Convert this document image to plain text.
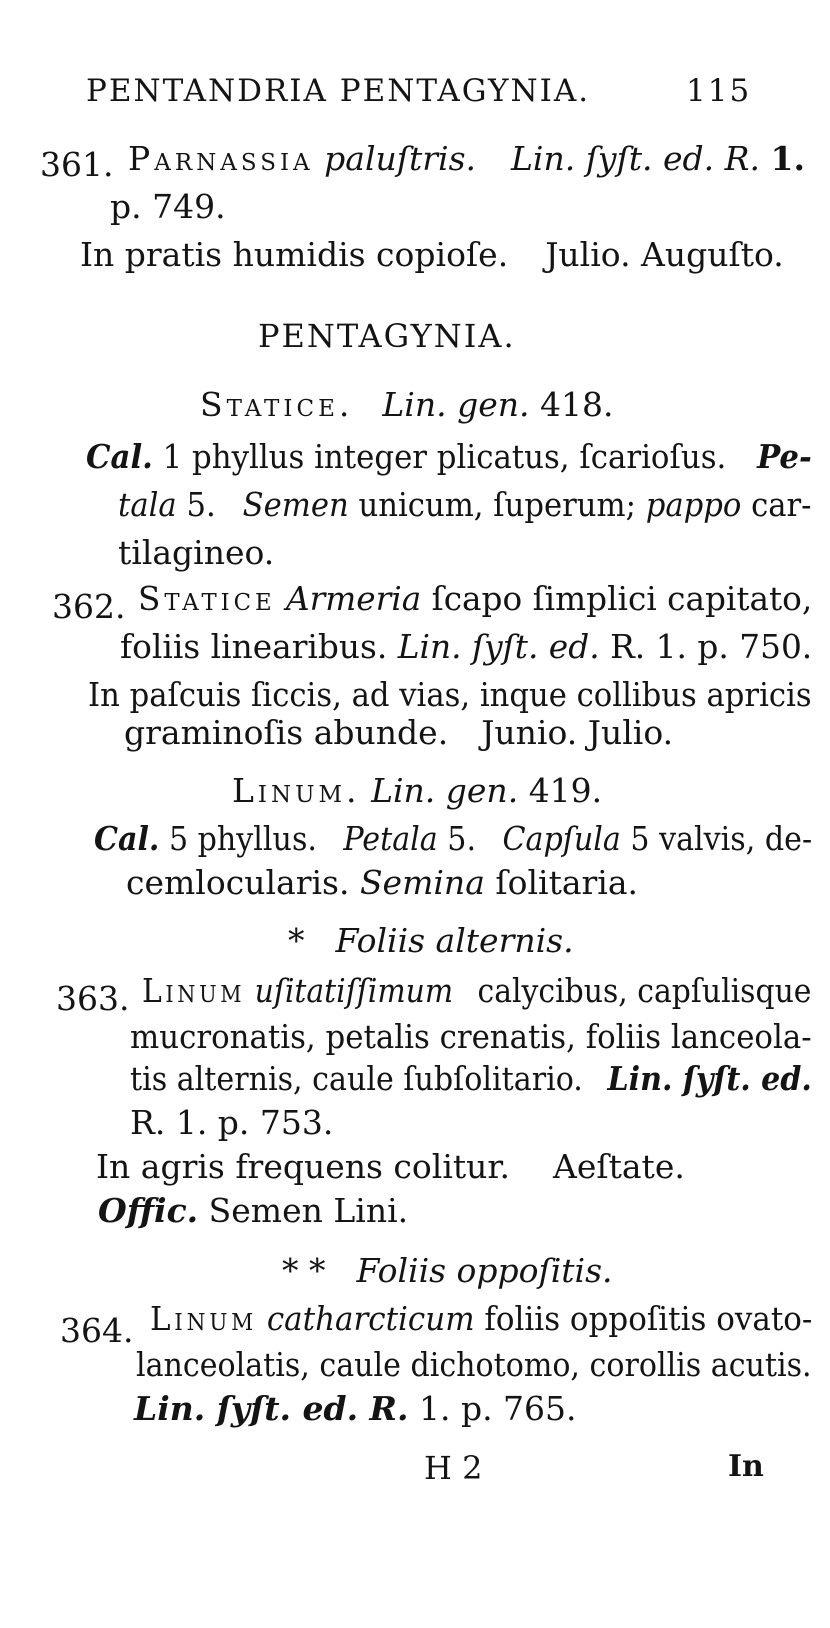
PENTANDRIA PENTAGYNIA.	115
361. Parnassia paluſtris. Lin. ſyſt. ed. R. 1.
p. 749.
In pratis humidis copioſe. Julio. Auguſto.
PENTAGYNIA.
Statice. Lin. gen. 418.
Cal. 1 phyllus integer plicatus, ſcarioſus. Pe-
tala 5. Semen unicum, ſuperum; pappo car-
tilagineo.
362. Statice Armeria ſcapo ſimplici capitato,
foliis linearibus. Lin. ſyſt. ed. R. 1. p. 750.
In paſcuis ſiccis, ad vias, inque collibus apricis
graminoſis abunde. Junio. Julio.
Linum. Lin. gen. 419.
Cal. 5 phyllus. Petala 5. Capſula 5 valvis, de-
cemlocularis. Semina ſolitaria.
* Foliis alternis.
363. Linum uſitatiſſimum calycibus, capſulisque
mucronatis, petalis crenatis, foliis lanceola-
tis alternis, caule ſubſolitario. Lin. ſyſt. ed.
R. 1. p. 753.
In agris frequens colitur. Aeſtate.
Offic. Semen Lini.
* * Foliis oppoſitis.
364. Linum catharcticum foliis oppoſitis ovato-
lanceolatis, caule dichotomo, corollis acutis.
Lin. ſyſt. ed. R. 1. p. 765.
H 2	In
